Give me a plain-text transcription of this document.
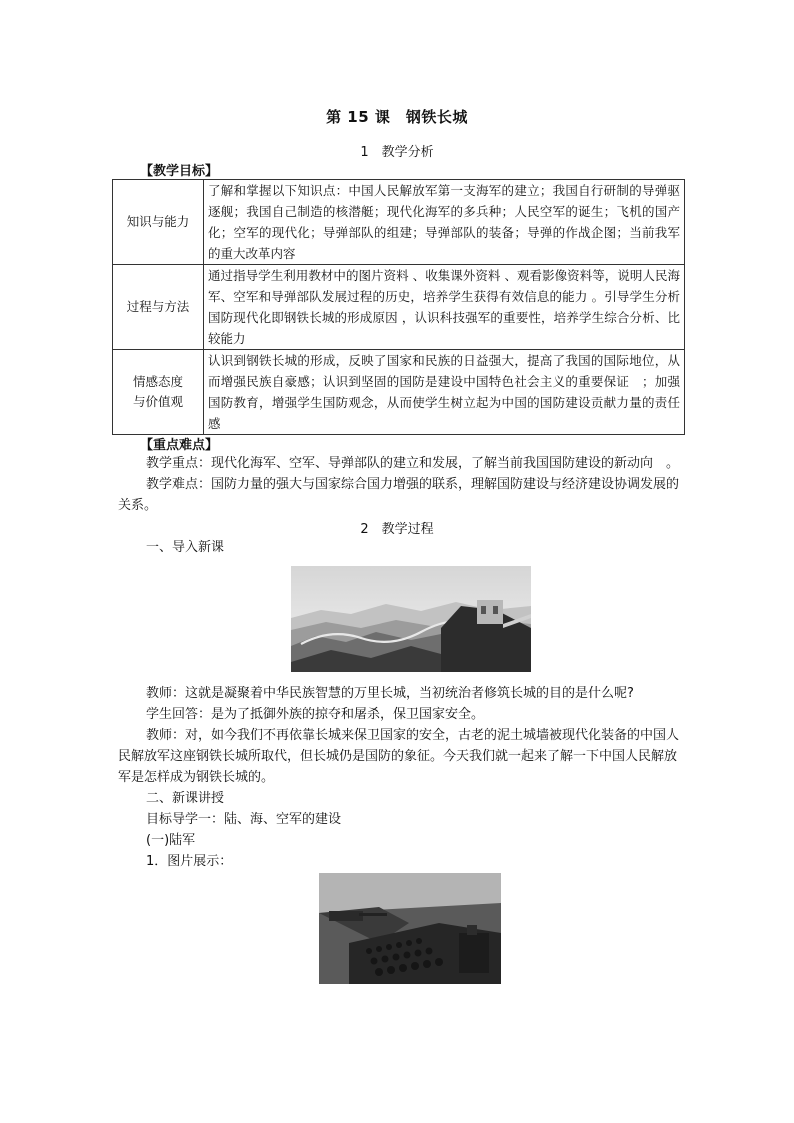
第 15 课　钢铁长城
1　教学分析
【教学目标】
知识与能力	了解和掌握以下知识点：中国人民解放军第一支海军的建立；我国自行研制的导弹驱逐舰；我国自己制造的核潜艇；现代化海军的多兵种；人民空军的诞生；飞机的国产化；空军的现代化；导弹部队的组建；导弹部队的装备；导弹的作战企图；当前我军的重大改革内容
过程与方法	通过指导学生利用教材中的图片资料 、收集课外资料 、观看影像资料等，说明人民海军、空军和导弹部队发展过程的历史，培养学生获得有效信息的能力 。引导学生分析国防现代化即钢铁长城的形成原因 ，认识科技强军的重要性，培养学生综合分析、比较能力

情感态度
与价值观	认识到钢铁长城的形成，反映了国家和民族的日益强大，提高了我国的国际地位，从而增强民族自豪感；认识到坚固的国防是建设中国特色社会主义的重要保证　；加强国防教育，增强学生国防观念，从而使学生树立起为中国的国防建设贡献力量的责任感
【重点难点】
教学重点：现代化海军、空军、导弹部队的建立和发展，了解当前我国国防建设的新动向　。
教学难点：国防力量的强大与国家综合国力增强的联系，理解国防建设与经济建设协调发展的关系。
2　教学过程
一、导入新课
教师：这就是凝聚着中华民族智慧的万里长城，当初统治者修筑长城的目的是什么呢?
学生回答：是为了抵御外族的掠夺和屠杀，保卫国家安全。
教师：对，如今我们不再依靠长城来保卫国家的安全，古老的泥土城墙被现代化装备的中国人民解放军这座钢铁长城所取代，但长城仍是国防的象征。今天我们就一起来了解一下中国人民解放军是怎样成为钢铁长城的。
二、新课讲授
目标导学一：陆、海、空军的建设
(一)陆军
1．图片展示：
